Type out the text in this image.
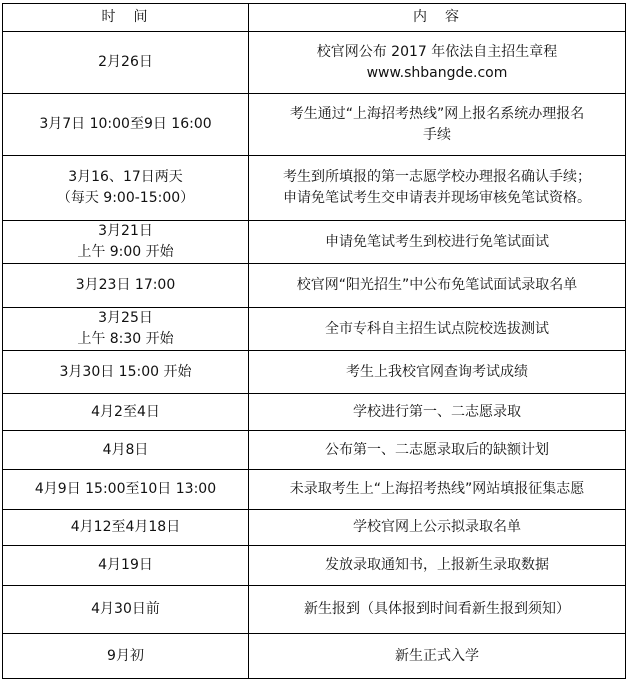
时　间	内　容

2月26日	校官网公布 2017 年依法自主招生章程
www.shbangde.com

3月7日 10:00至9日 16:00	考生通过“上海招考热线”网上报名系统办理报名
手续

3月16、17日两天
（每天 9:00-15:00）	考生到所填报的第一志愿学校办理报名确认手续；
申请免笔试考生交申请表并现场审核免笔试资格。

3月21日
上午 9:00 开始	申请免笔试考生到校进行免笔试面试

3月23日 17:00	校官网“阳光招生”中公布免笔试面试录取名单

3月25日
上午 8:30 开始	全市专科自主招生试点院校选拔测试

3月30日 15:00 开始	考生上我校官网查询考试成绩

4月2至4日	学校进行第一、二志愿录取

4月8日	公布第一、二志愿录取后的缺额计划

4月9日 15:00至10日 13:00	未录取考生上“上海招考热线”网站填报征集志愿

4月12至4月18日	学校官网上公示拟录取名单

4月19日	发放录取通知书，上报新生录取数据

4月30日前	新生报到（具体报到时间看新生报到须知）

9月初	新生正式入学
